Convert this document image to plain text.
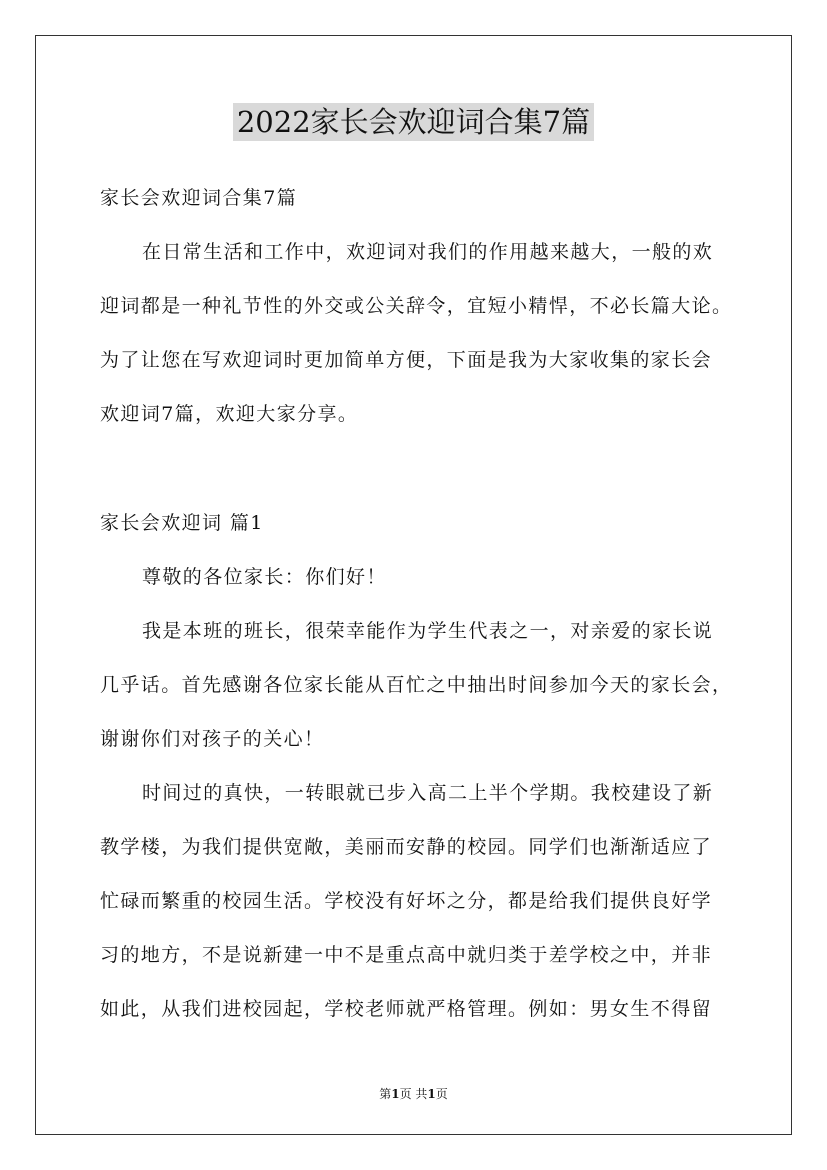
2022家长会欢迎词合集7篇
家长会欢迎词合集7篇
在日常生活和工作中，欢迎词对我们的作用越来越大，一般的欢
迎词都是一种礼节性的外交或公关辞令，宜短小精悍，不必长篇大论。
为了让您在写欢迎词时更加简单方便，下面是我为大家收集的家长会
欢迎词7篇，欢迎大家分享。
家长会欢迎词 篇1
尊敬的各位家长：你们好！
我是本班的班长，很荣幸能作为学生代表之一，对亲爱的家长说
几乎话。首先感谢各位家长能从百忙之中抽出时间参加今天的家长会，
谢谢你们对孩子的关心！
时间过的真快，一转眼就已步入高二上半个学期。我校建设了新
教学楼，为我们提供宽敞，美丽而安静的校园。同学们也渐渐适应了
忙碌而繁重的校园生活。学校没有好坏之分，都是给我们提供良好学
习的地方，不是说新建一中不是重点高中就归类于差学校之中，并非
如此，从我们进校园起，学校老师就严格管理。例如：男女生不得留
第1页 共1页
